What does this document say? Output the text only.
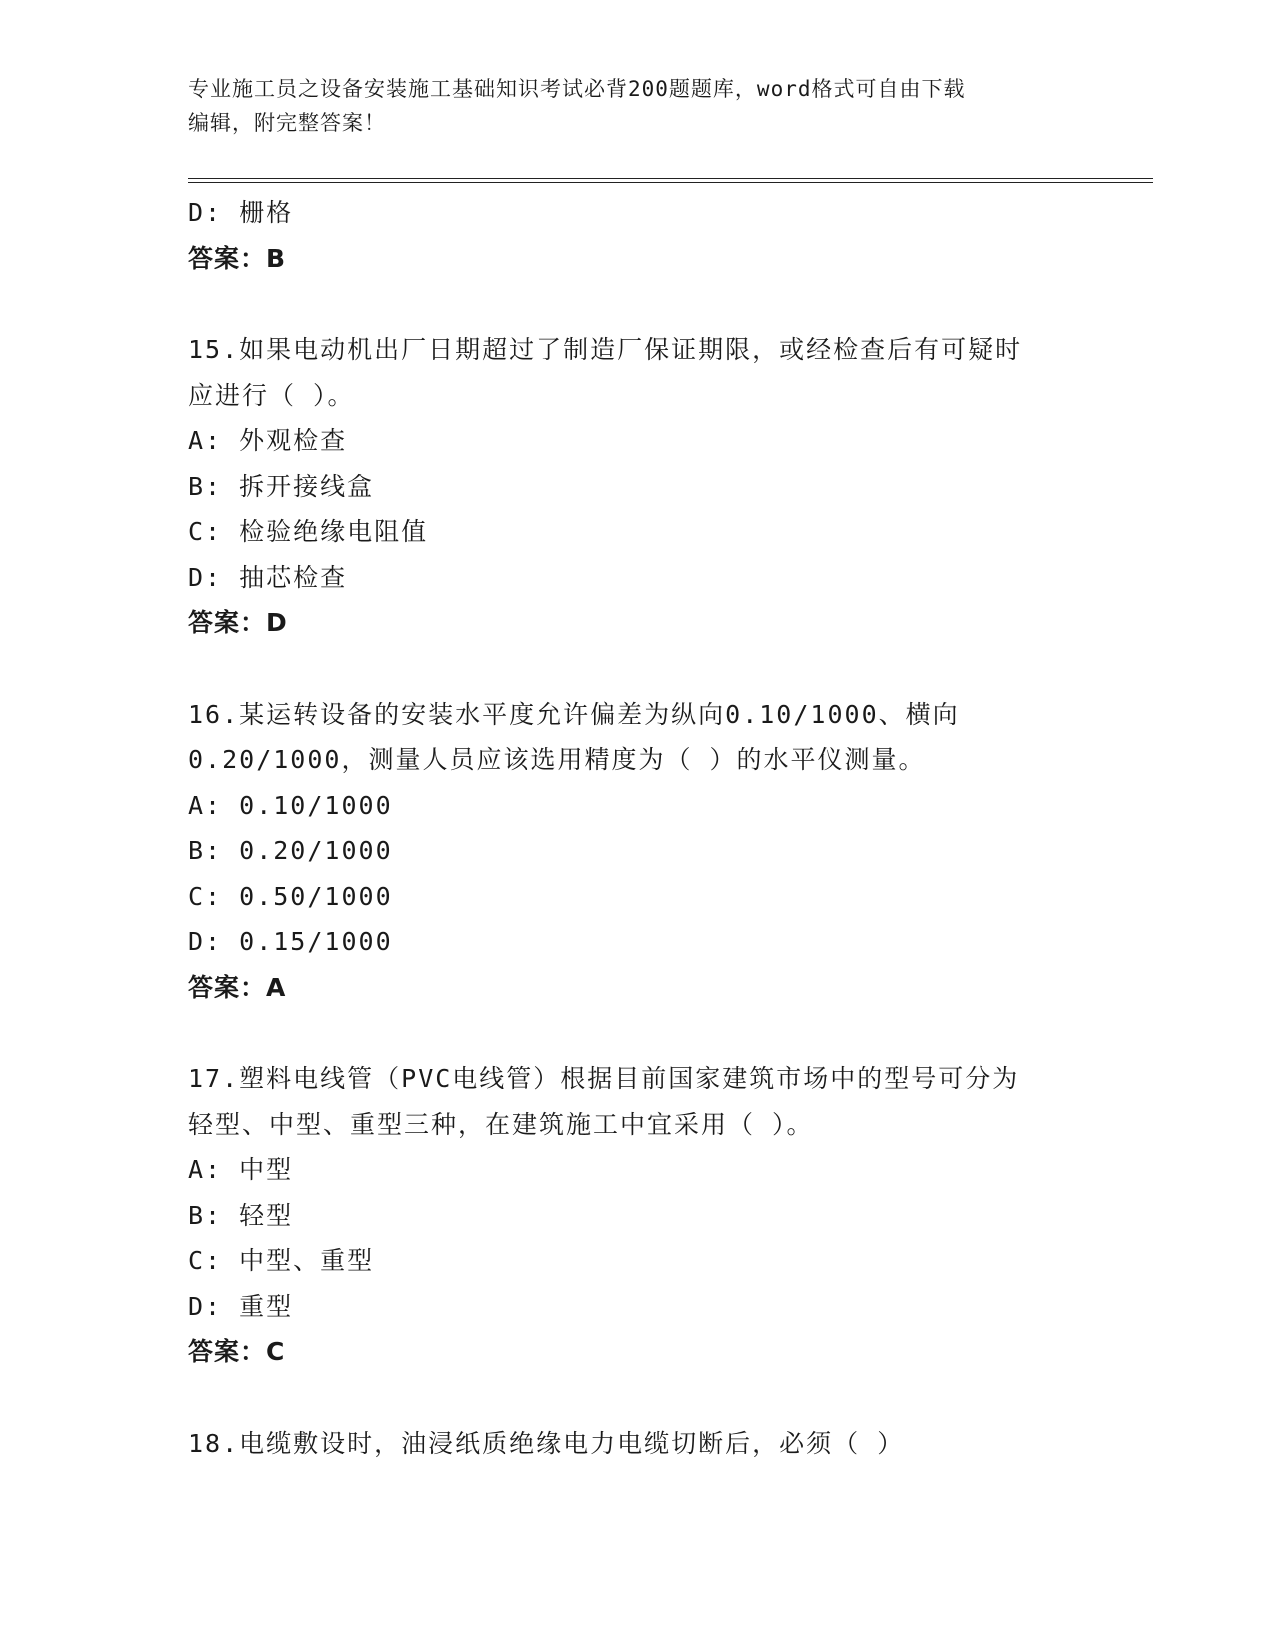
专业施工员之设备安装施工基础知识考试必背200题题库，word格式可自由下载
编辑，附完整答案！
D: 栅格
答案：B
15.如果电动机出厂日期超过了制造厂保证期限，或经检查后有可疑时
应进行（ ）。
A: 外观检查
B: 拆开接线盒
C: 检验绝缘电阻值
D: 抽芯检查
答案：D
16.某运转设备的安装水平度允许偏差为纵向0.10/1000、横向
0.20/1000，测量人员应该选用精度为（ ）的水平仪测量。
A: 0.10/1000
B: 0.20/1000
C: 0.50/1000
D: 0.15/1000
答案：A
17.塑料电线管（PVC电线管）根据目前国家建筑市场中的型号可分为
轻型、中型、重型三种，在建筑施工中宜采用（ ）。
A: 中型
B: 轻型
C: 中型、重型
D: 重型
答案：C
18.电缆敷设时，油浸纸质绝缘电力电缆切断后，必须（ ）
